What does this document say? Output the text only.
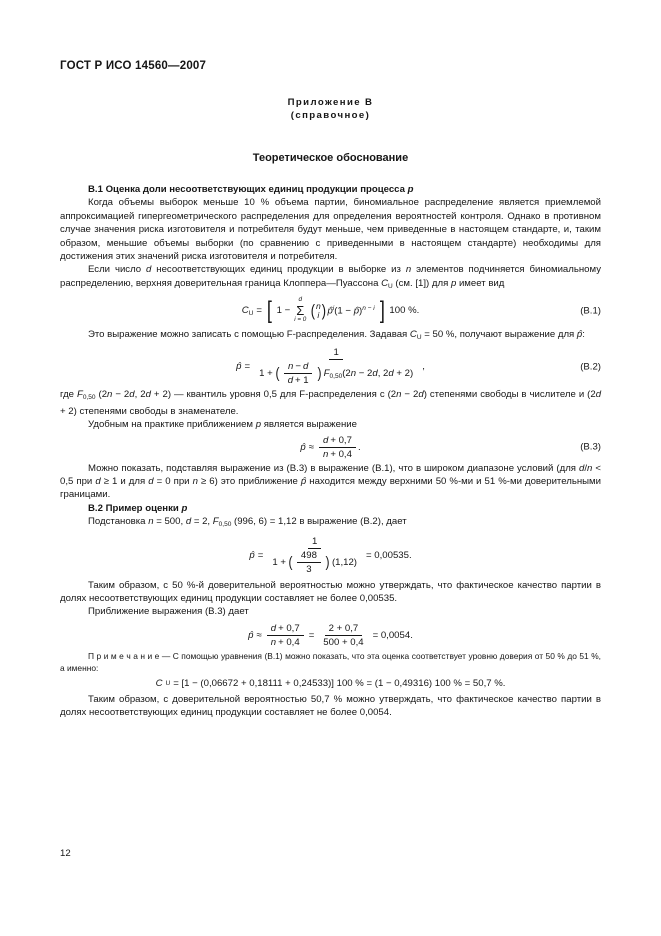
ГОСТ Р ИСО 14560—2007
Приложение В
(справочное)
Теоретическое обоснование
В.1 Оценка доли несоответствующих единиц продукции процесса p

Когда объемы выборок меньше 10 % объема партии, биномиальное распределение является приемлемой аппроксимацией гипергеометрического распределения для определения вероятностей контроля. Однако в противном случае значения риска изготовителя и потребителя будут меньше, чем приведенные в настоящем стандарте, и, таким образом, меньшие объемы выборки (по сравнению с приведенными в настоящем стандарте) необходимы для достижения этих значений риска изготовителя и потребителя.

Если число d несоответствующих единиц продукции в выборке из n элементов подчиняется биномиальному распределению, верхняя доверительная граница Клоппера—Пуассона $C_U$ (см. [1]) для p имеет вид

$C_U$ = [ 1 −
d
Σ
i = 0 ( n
i ) p̂$^i$(1 − p̂)$^{n - i}$ ] 100 %.	(В.1)

Это выражение можно записать с помощью F-распределения. Задавая $C_U = 50$ %, получают выражение для p̂:

p̂ =
1
1 + ( $\frac{n - d}{d + 1}$ ) $F_{0,50}(2n - 2d$, 2d + 2)
,	(В.2)

где $F_{0,50}$ (2n − 2d, 2d + 2) — квантиль уровня 0,5 для F-распределения с (2n − 2d) степенями свободы в числителе и (2d + 2) степенями свободы в знаменателе.

Удобным на практике приближением p является выражение

p̂ ≈ $\frac{d + 0,7}{n + 0,4}$ .	(В.3)

Можно показать, подставляя выражение из (В.3) в выражение (В.1), что в широком диапазоне условий (для d/n < 0,5 при d ≥ 1 и для d = 0 при n ≥ 6) это приближение p̂ находится между верхними 50 %-ми и 51 %-ми доверительными границами.

В.2 Пример оценки p

Подстановка n = 500, d = 2, $F_{0,50}$ (996, 6) = 1,12 в выражение (В.2), дает

p̂ =
1
1 + ( $\frac{498}{3}$ ) (1,12)
= 0,00535.

Таким образом, с 50 %-й доверительной вероятностью можно утверждать, что фактическое качество партии в долях несоответствующих единиц продукции составляет не более 0,00535.

Приближение выражения (В.3) дает

p̂ ≈ $\frac{d + 0,7}{n + 0,4} = \frac{2 + 0,7}{500 + 0,4} = 0,0054$.

П р и м е ч а н и е — С помощью уравнения (В.1) можно показать, что эта оценка соответствует уровню доверия от 50 % до 51 %, а именно:

C U = [1 − (0,06672 + 0,18111 + 0,24533)] 100 % = (1 − 0,49316) 100 % = 50,7 %.

Таким образом, с доверительной вероятностью 50,7 % можно утверждать, что фактическое качество партии в долях несоответствующих единиц продукции составляет не более 0,0054.

12
